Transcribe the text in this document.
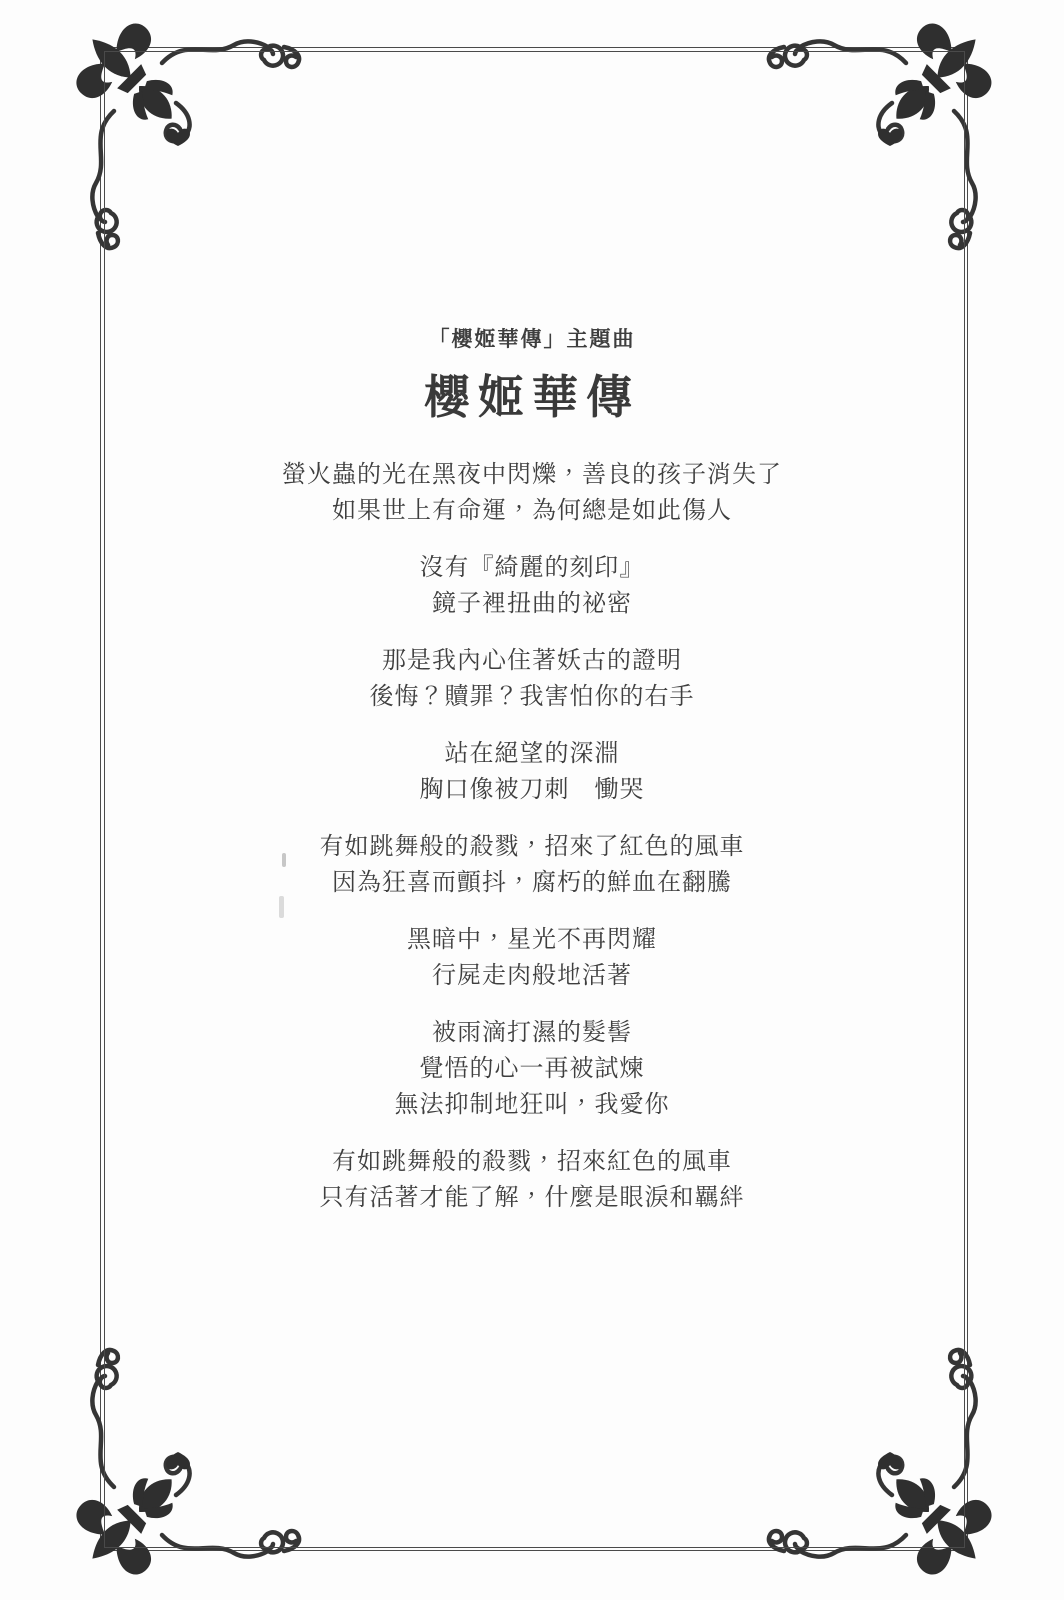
「櫻姬華傳」主題曲
櫻姬華傳
螢火蟲的光在黑夜中閃爍，善良的孩子消失了
如果世上有命運，為何總是如此傷人
沒有『綺麗的刻印』
鏡子裡扭曲的祕密
那是我內心住著妖古的證明
後悔？贖罪？我害怕你的右手
站在絕望的深淵
胸口像被刀刺　慟哭
有如跳舞般的殺戮，招來了紅色的風車
因為狂喜而顫抖，腐朽的鮮血在翻騰
黑暗中，星光不再閃耀
行屍走肉般地活著
被雨滴打濕的髮髻
覺悟的心一再被試煉
無法抑制地狂叫，我愛你
有如跳舞般的殺戮，招來紅色的風車
只有活著才能了解，什麼是眼淚和羈絆
